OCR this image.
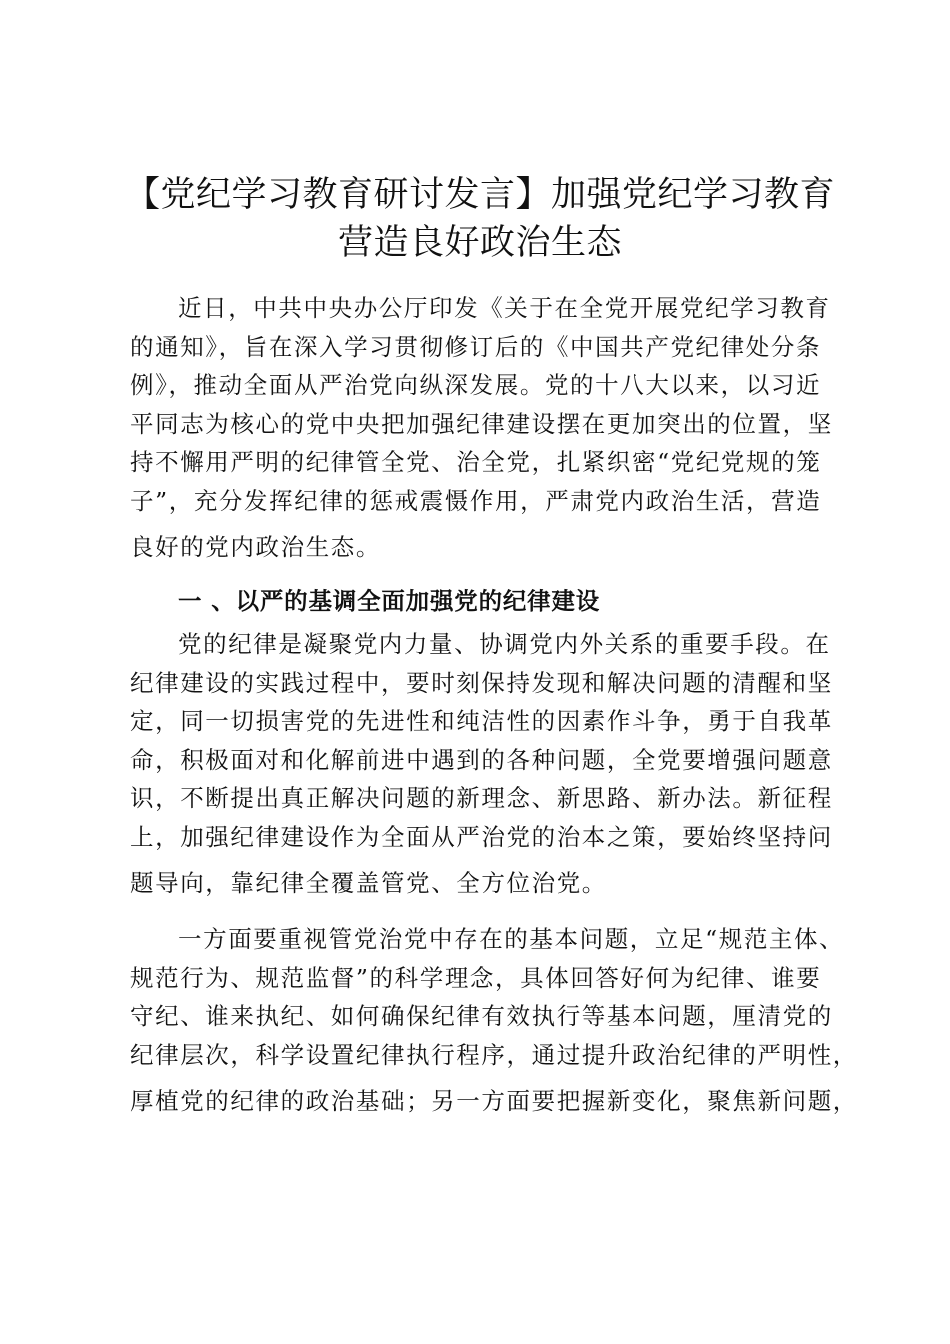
【党纪学习教育研讨发言】加强党纪学习教育
营造良好政治生态
近日，中共中央办公厅印发《关于在全党开展党纪学习教育
的通知》，旨在深入学习贯彻修订后的《中国共产党纪律处分条
例》，推动全面从严治党向纵深发展。党的十八大以来，以习近
平同志为核心的党中央把加强纪律建设摆在更加突出的位置，坚
持不懈用严明的纪律管全党、治全党，扎紧织密“党纪党规的笼
子”，充分发挥纪律的惩戒震慑作用，严肃党内政治生活，营造
良好的党内政治生态。
一 、以严的基调全面加强党的纪律建设
党的纪律是凝聚党内力量、协调党内外关系的重要手段。在
纪律建设的实践过程中，要时刻保持发现和解决问题的清醒和坚
定，同一切损害党的先进性和纯洁性的因素作斗争，勇于自我革
命，积极面对和化解前进中遇到的各种问题，全党要增强问题意
识，不断提出真正解决问题的新理念、新思路、新办法。新征程
上，加强纪律建设作为全面从严治党的治本之策，要始终坚持问
题导向，靠纪律全覆盖管党、全方位治党。
一方面要重视管党治党中存在的基本问题，立足“规范主体、
规范行为、规范监督”的科学理念，具体回答好何为纪律、谁要
守纪、谁来执纪、如何确保纪律有效执行等基本问题，厘清党的
纪律层次，科学设置纪律执行程序，通过提升政治纪律的严明性，
厚植党的纪律的政治基础；另一方面要把握新变化，聚焦新问题，
